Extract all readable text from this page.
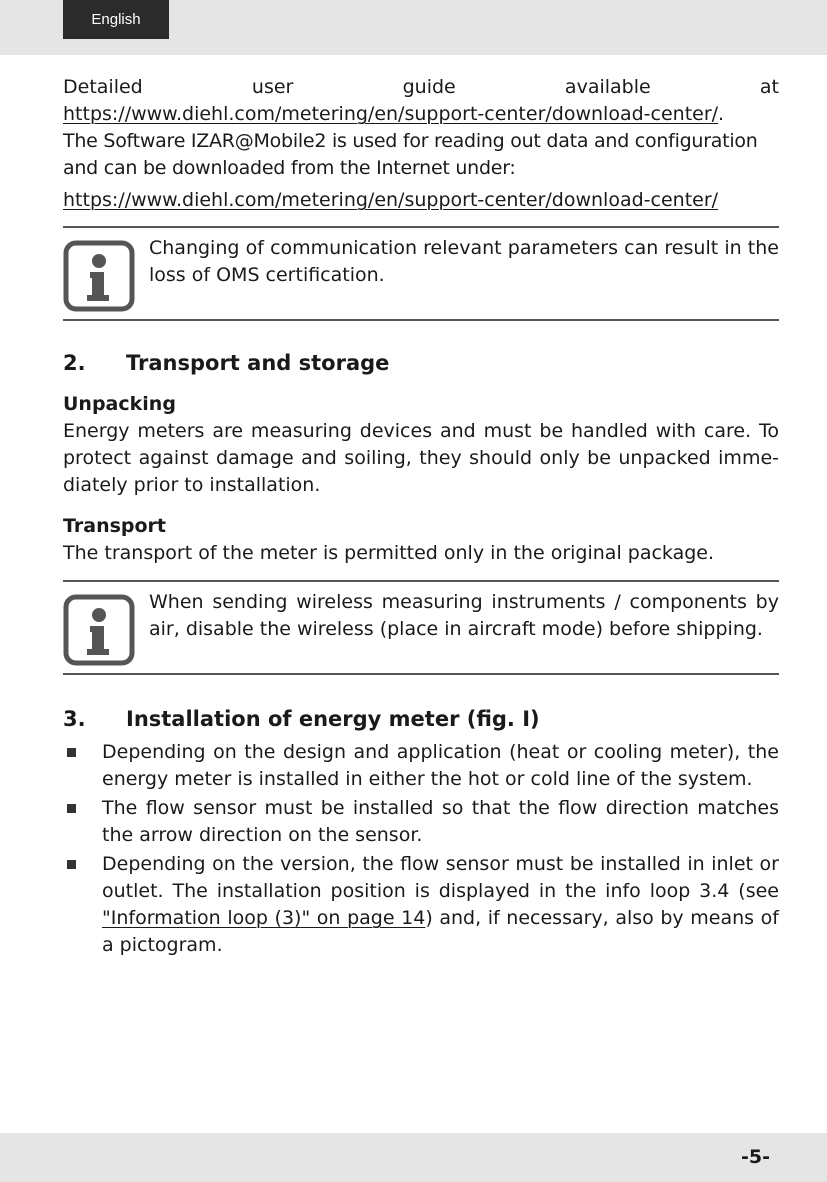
English

Detailed user guide available at https://www.diehl.com/metering/en/support-center/download-center/.

The Software IZAR@Mobile2 is used for reading out data and configuration and can be downloaded from the Internet under:

https://www.diehl.com/metering/en/support-center/download-center/

Changing of communication relevant parameters can result in the loss of OMS certification.
2.	Transport and storage
Unpacking

Energy meters are measuring devices and must be handled with care. To protect against damage and soiling, they should only be unpacked imme-diately prior to installation.

Transport

The transport of the meter is permitted only in the original package.

When sending wireless measuring instruments / components by air, disable the wireless (place in aircraft mode) before shipping.
3.	Installation of energy meter (fig. I)
Depending on the design and application (heat or cooling meter), the energy meter is installed in either the hot or cold line of the system.
The flow sensor must be installed so that the flow direction matches the arrow direction on the sensor.
Depending on the version, the flow sensor must be installed in inlet or outlet. The installation position is displayed in the info loop 3.4 (see "Information loop (3)" on page 14) and, if necessary, also by means of a pictogram.
-5-
